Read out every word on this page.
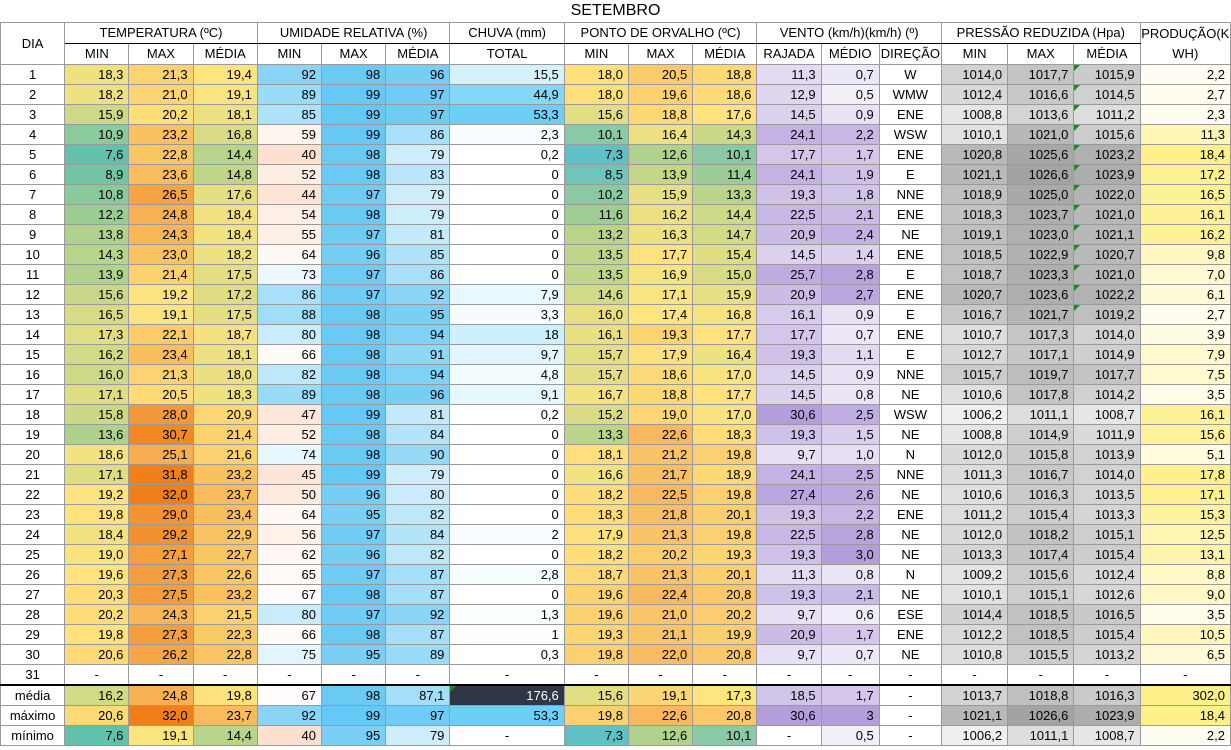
SETEMBRO																	
DIA	TEMPERATURA (ºC)			UMIDADE RELATIVA (%)			CHUVA (mm)	PONTO DE ORVALHO (ºC)			VENTO (km/h)(km/h) (º)			PRESSÃO REDUZIDA (Hpa)			PRODUÇÃO(K WH)
	MIN	MAX	MÉDIA	MIN	MAX	MÉDIA	TOTAL	MIN	MAX	MÉDIA	RAJADA	MÉDIO	DIREÇÃO	MIN	MAX	MÉDIA	
1	18,3	21,3	19,4	92	98	96	15,5	18,0	20,5	18,8	11,3	0,7	W	1014,0	1017,7	1015,9	2,2
2	18,2	21,0	19,1	89	99	97	44,9	18,0	19,6	18,6	12,9	0,5	WMW	1012,4	1016,6	1014,5	2,7
3	15,9	20,2	18,1	85	99	97	53,3	15,6	18,8	17,6	14,5	0,9	ENE	1008,8	1013,6	1011,2	2,3
4	10,9	23,2	16,8	59	99	86	2,3	10,1	16,4	14,3	24,1	2,2	WSW	1010,1	1021,0	1015,6	11,3
5	7,6	22,8	14,4	40	98	79	0,2	7,3	12,6	10,1	17,7	1,7	ENE	1020,8	1025,6	1023,2	18,4
6	8,9	23,6	14,8	52	98	83	0	8,5	13,9	11,4	24,1	1,9	E	1021,1	1026,6	1023,9	17,2
7	10,8	26,5	17,6	44	97	79	0	10,2	15,9	13,3	19,3	1,8	NNE	1018,9	1025,0	1022,0	16,5
8	12,2	24,8	18,4	54	98	79	0	11,6	16,2	14,4	22,5	2,1	ENE	1018,3	1023,7	1021,0	16,1
9	13,8	24,3	18,4	55	97	81	0	13,2	16,3	14,7	20,9	2,4	NE	1019,1	1023,0	1021,1	16,2
10	14,3	23,0	18,2	64	96	85	0	13,5	17,7	15,4	14,5	1,4	ENE	1018,5	1022,9	1020,7	9,8
11	13,9	21,4	17,5	73	97	86	0	13,5	16,9	15,0	25,7	2,8	E	1018,7	1023,3	1021,0	7,0
12	15,6	19,2	17,2	86	97	92	7,9	14,6	17,1	15,9	20,9	2,7	ENE	1020,7	1023,6	1022,2	6,1
13	16,5	19,1	17,5	88	98	95	3,3	16,0	17,4	16,8	16,1	0,9	E	1016,7	1021,7	1019,2	2,7
14	17,3	22,1	18,7	80	98	94	18	16,1	19,3	17,7	17,7	0,7	ENE	1010,7	1017,3	1014,0	3,9
15	16,2	23,4	18,1	66	98	91	9,7	15,7	17,9	16,4	19,3	1,1	E	1012,7	1017,1	1014,9	7,9
16	16,0	21,3	18,0	82	98	94	4,8	15,7	18,6	17,0	14,5	0,9	NNE	1015,7	1019,7	1017,7	7,5
17	17,1	20,5	18,3	89	98	96	9,1	16,7	18,8	17,7	14,5	0,8	NE	1010,6	1017,8	1014,2	3,5
18	15,8	28,0	20,9	47	99	81	0,2	15,2	19,0	17,0	30,6	2,5	WSW	1006,2	1011,1	1008,7	16,1
19	13,6	30,7	21,4	52	98	84	0	13,3	22,6	18,3	19,3	1,5	NE	1008,8	1014,9	1011,9	15,6
20	18,6	25,1	21,6	74	98	90	0	18,1	21,2	19,8	9,7	1,0	N	1012,0	1015,8	1013,9	5,1
21	17,1	31,8	23,2	45	99	79	0	16,6	21,7	18,9	24,1	2,5	NNE	1011,3	1016,7	1014,0	17,8
22	19,2	32,0	23,7	50	96	80	0	18,2	22,5	19,8	27,4	2,6	NE	1010,6	1016,3	1013,5	17,1
23	19,8	29,0	23,4	64	95	82	0	18,3	21,8	20,1	19,3	2,2	ENE	1011,2	1015,4	1013,3	15,3
24	18,4	29,2	22,9	56	97	84	2	17,9	21,3	19,8	22,5	2,8	NE	1012,0	1018,2	1015,1	12,5
25	19,0	27,1	22,7	62	96	82	0	18,2	20,2	19,3	19,3	3,0	NE	1013,3	1017,4	1015,4	13,1
26	19,6	27,3	22,6	65	97	87	2,8	18,7	21,3	20,1	11,3	0,8	N	1009,2	1015,6	1012,4	8,8
27	20,3	27,5	23,2	67	98	87	0	19,6	22,4	20,8	19,3	2,1	NE	1010,1	1015,1	1012,6	9,0
28	20,2	24,3	21,5	80	97	92	1,3	19,6	21,0	20,2	9,7	0,6	ESE	1014,4	1018,5	1016,5	3,5
29	19,8	27,3	22,3	66	98	87	1	19,3	21,1	19,9	20,9	1,7	ENE	1012,2	1018,5	1015,4	10,5
30	20,6	26,2	22,8	75	95	89	0,3	19,8	22,0	20,8	9,7	0,7	NE	1010,8	1015,5	1013,2	6,5
31	-	-	-	-	-	-	-	-	-	-	-	-	-	-	-	-	-
média	16,2	24,8	19,8	67	98	87,1	176,6	15,6	19,1	17,3	18,5	1,7	-	1013,7	1018,8	1016,3	302,0
máximo	20,6	32,0	23,7	92	99	97	53,3	19,8	22,6	20,8	30,6	3	-	1021,1	1026,6	1023,9	18,4
mínimo	7,6	19,1	14,4	40	95	79	-	7,3	12,6	10,1	-	0,5	-	1006,2	1011,1	1008,7	2,2
